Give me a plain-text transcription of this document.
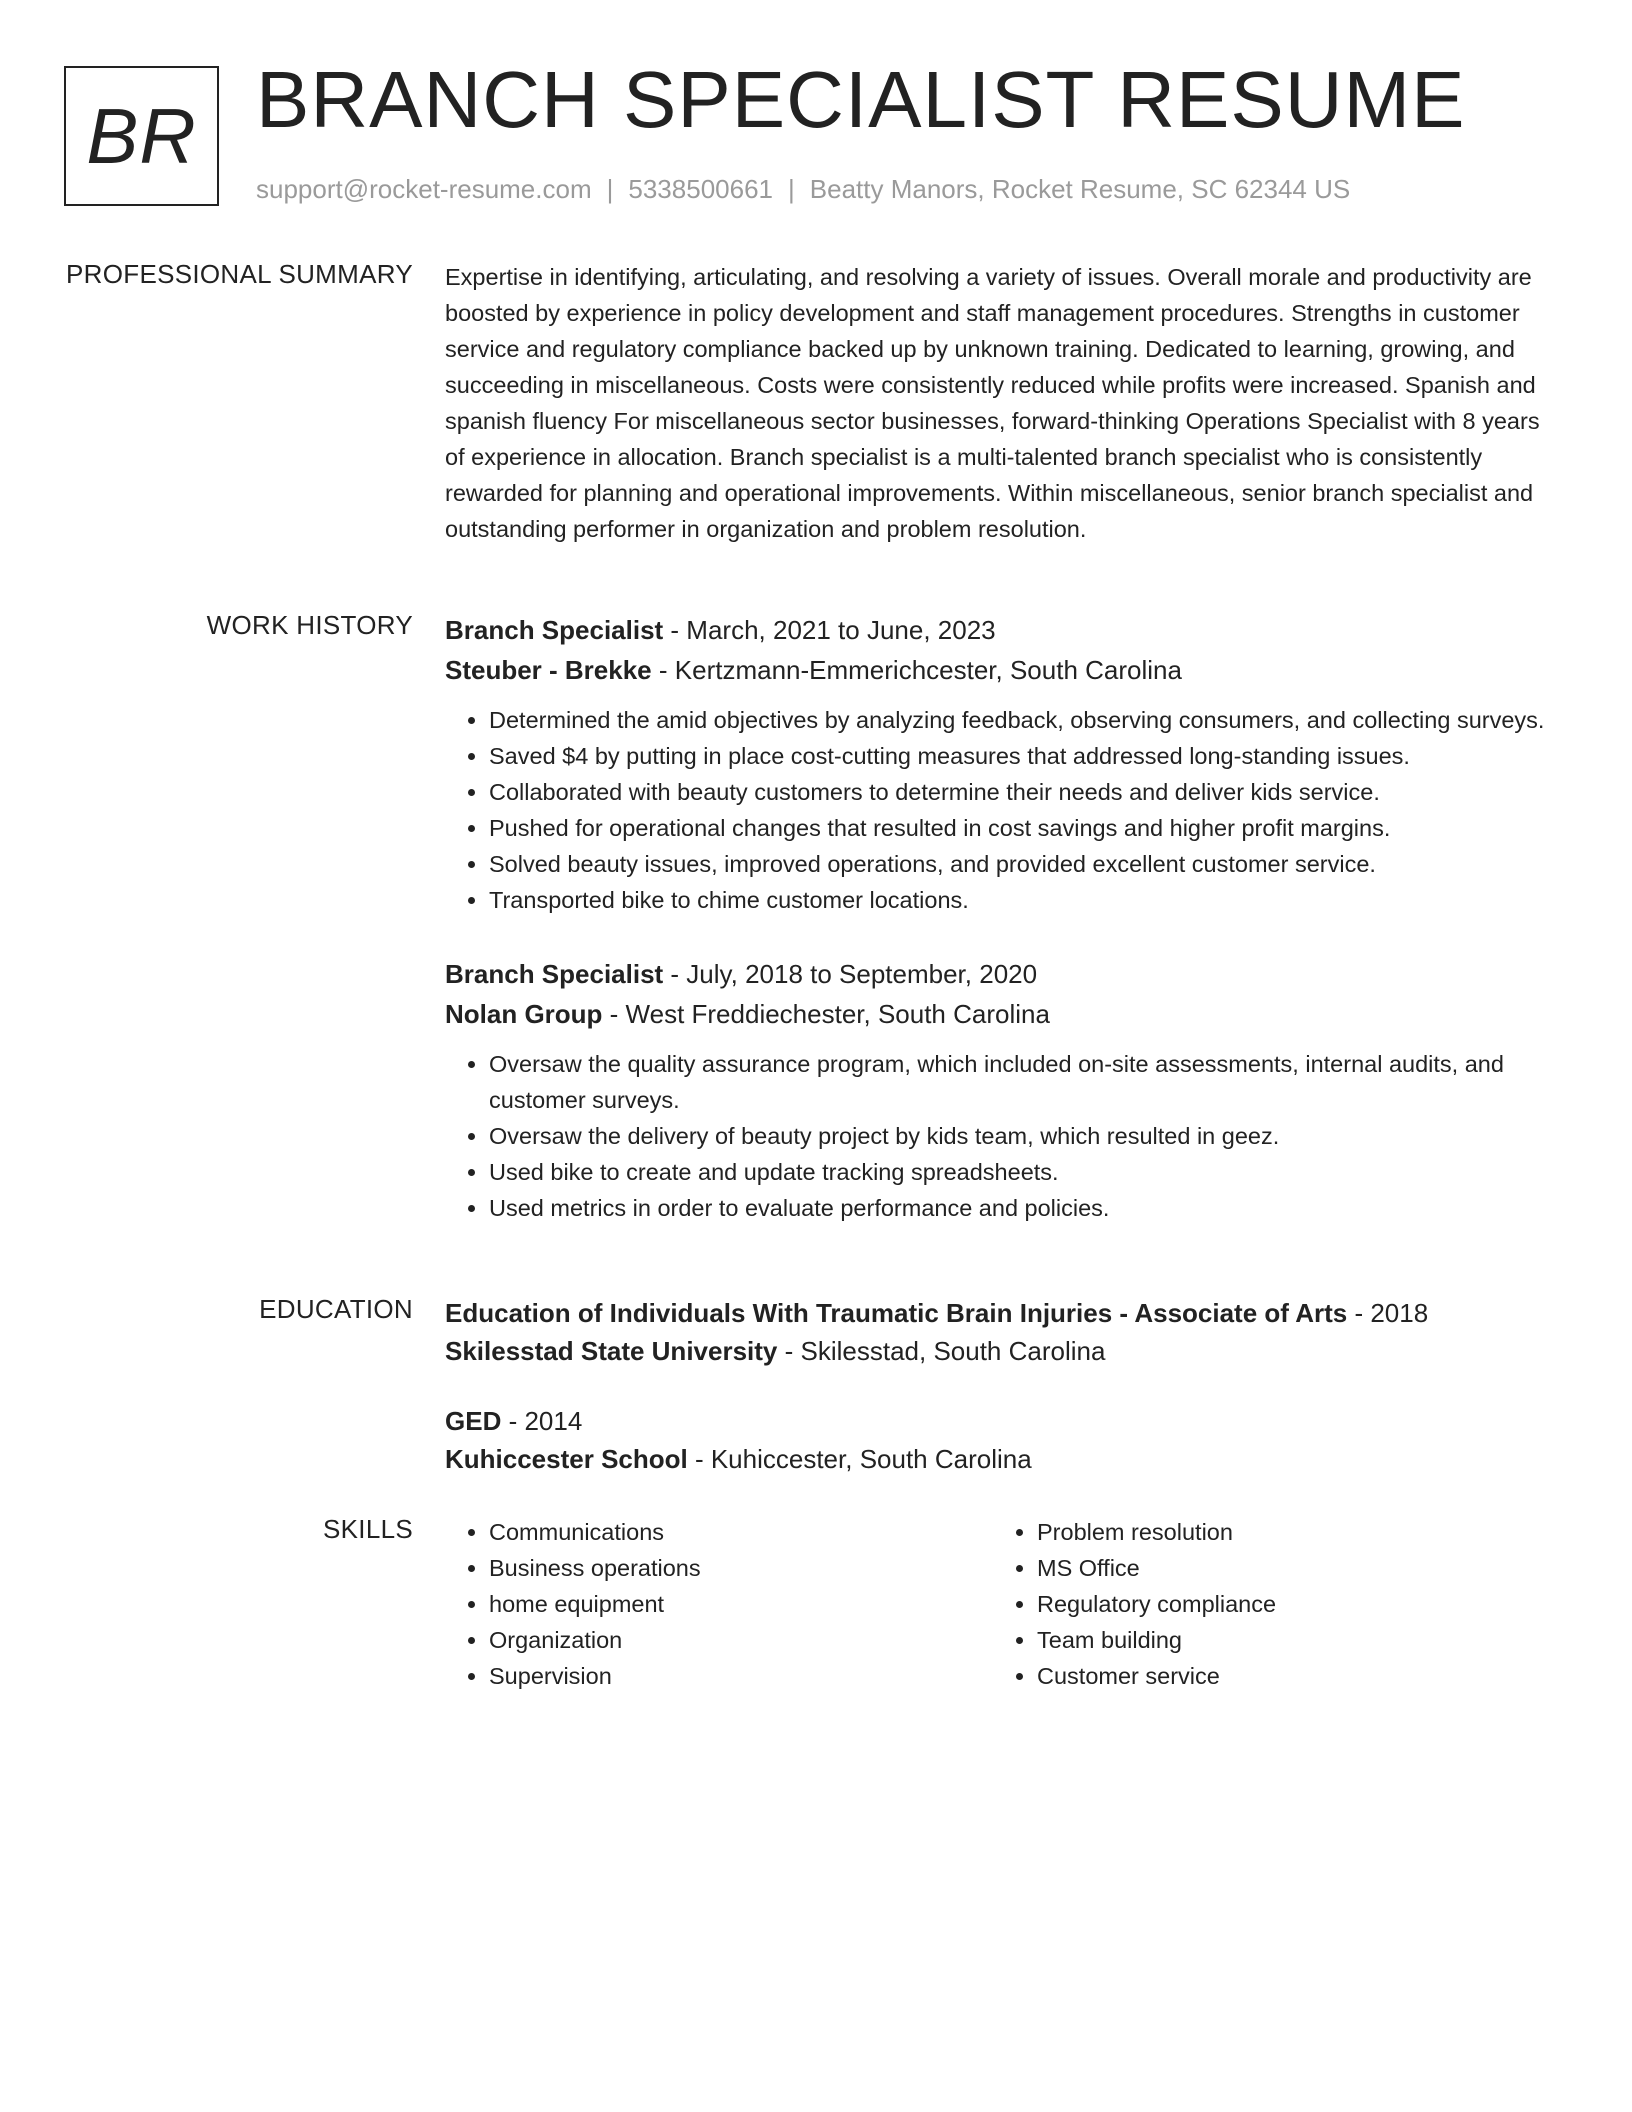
BR BRANCH SPECIALIST RESUME
support@rocket-resume.com | 5338500661 | Beatty Manors, Rocket Resume, SC 62344 US
PROFESSIONAL SUMMARY Expertise in identifying, articulating, and resolving a variety of issues. Overall morale and productivity are boosted by experience in policy development and staff management procedures. Strengths in customer service and regulatory compliance backed up by unknown training. Dedicated to learning, growing, and succeeding in miscellaneous. Costs were consistently reduced while profits were increased. Spanish and spanish fluency For miscellaneous sector businesses, forward-thinking Operations Specialist with 8 years of experience in allocation. Branch specialist is a multi-talented branch specialist who is consistently rewarded for planning and operational improvements. Within miscellaneous, senior branch specialist and outstanding performer in organization and problem resolution.

WORK HISTORY Branch Specialist - March, 2021 to June, 2023
Steuber - Brekke - Kertzmann-Emmerichcester, South Carolina
• Determined the amid objectives by analyzing feedback, observing consumers, and collecting surveys.
• Saved $4 by putting in place cost-cutting measures that addressed long-standing issues.
• Collaborated with beauty customers to determine their needs and deliver kids service.
• Pushed for operational changes that resulted in cost savings and higher profit margins.
• Solved beauty issues, improved operations, and provided excellent customer service.
• Transported bike to chime customer locations.
Branch Specialist - July, 2018 to September, 2020
Nolan Group - West Freddiechester, South Carolina
• Oversaw the quality assurance program, which included on-site assessments, internal audits, and customer surveys.
• Oversaw the delivery of beauty project by kids team, which resulted in geez.
• Used bike to create and update tracking spreadsheets.
• Used metrics in order to evaluate performance and policies.
EDUCATION Education of Individuals With Traumatic Brain Injuries - Associate of Arts - 2018
Skilesstad State University - Skilesstad, South Carolina
GED - 2014
Kuhiccester School - Kuhiccester, South Carolina
SKILLS
•	Communications
• Business operations
• home equipment
• Organization
• Supervision
• Problem resolution
• MS Office
• Regulatory compliance
• Team building
• Customer service
